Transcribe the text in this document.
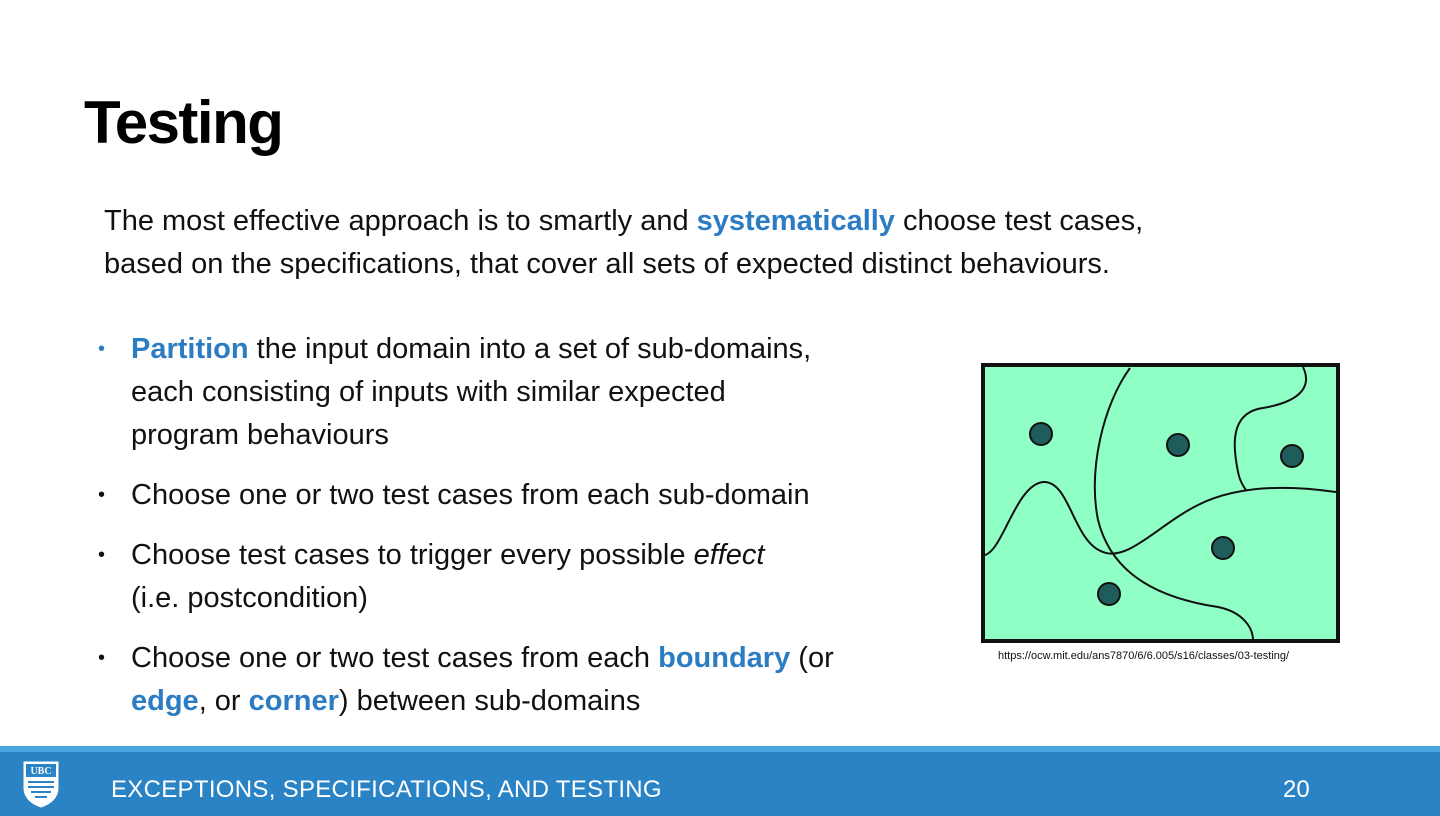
Testing

The most effective approach is to smartly and systematically choose test cases,
based on the specifications, that cover all sets of expected distinct behaviours.

• Partition the input domain into a set of sub-domains,
each consisting of inputs with similar expected
program behaviours
• Choose one or two test cases from each sub-domain
• Choose test cases to trigger every possible effect
(i.e. postcondition)
• Choose one or two test cases from each boundary (or
edge, or corner) between sub-domains

https://ocw.mit.edu/ans7870/6/6.005/s16/classes/03-testing/

UBC
EXCEPTIONS, SPECIFICATIONS, AND TESTING	20
